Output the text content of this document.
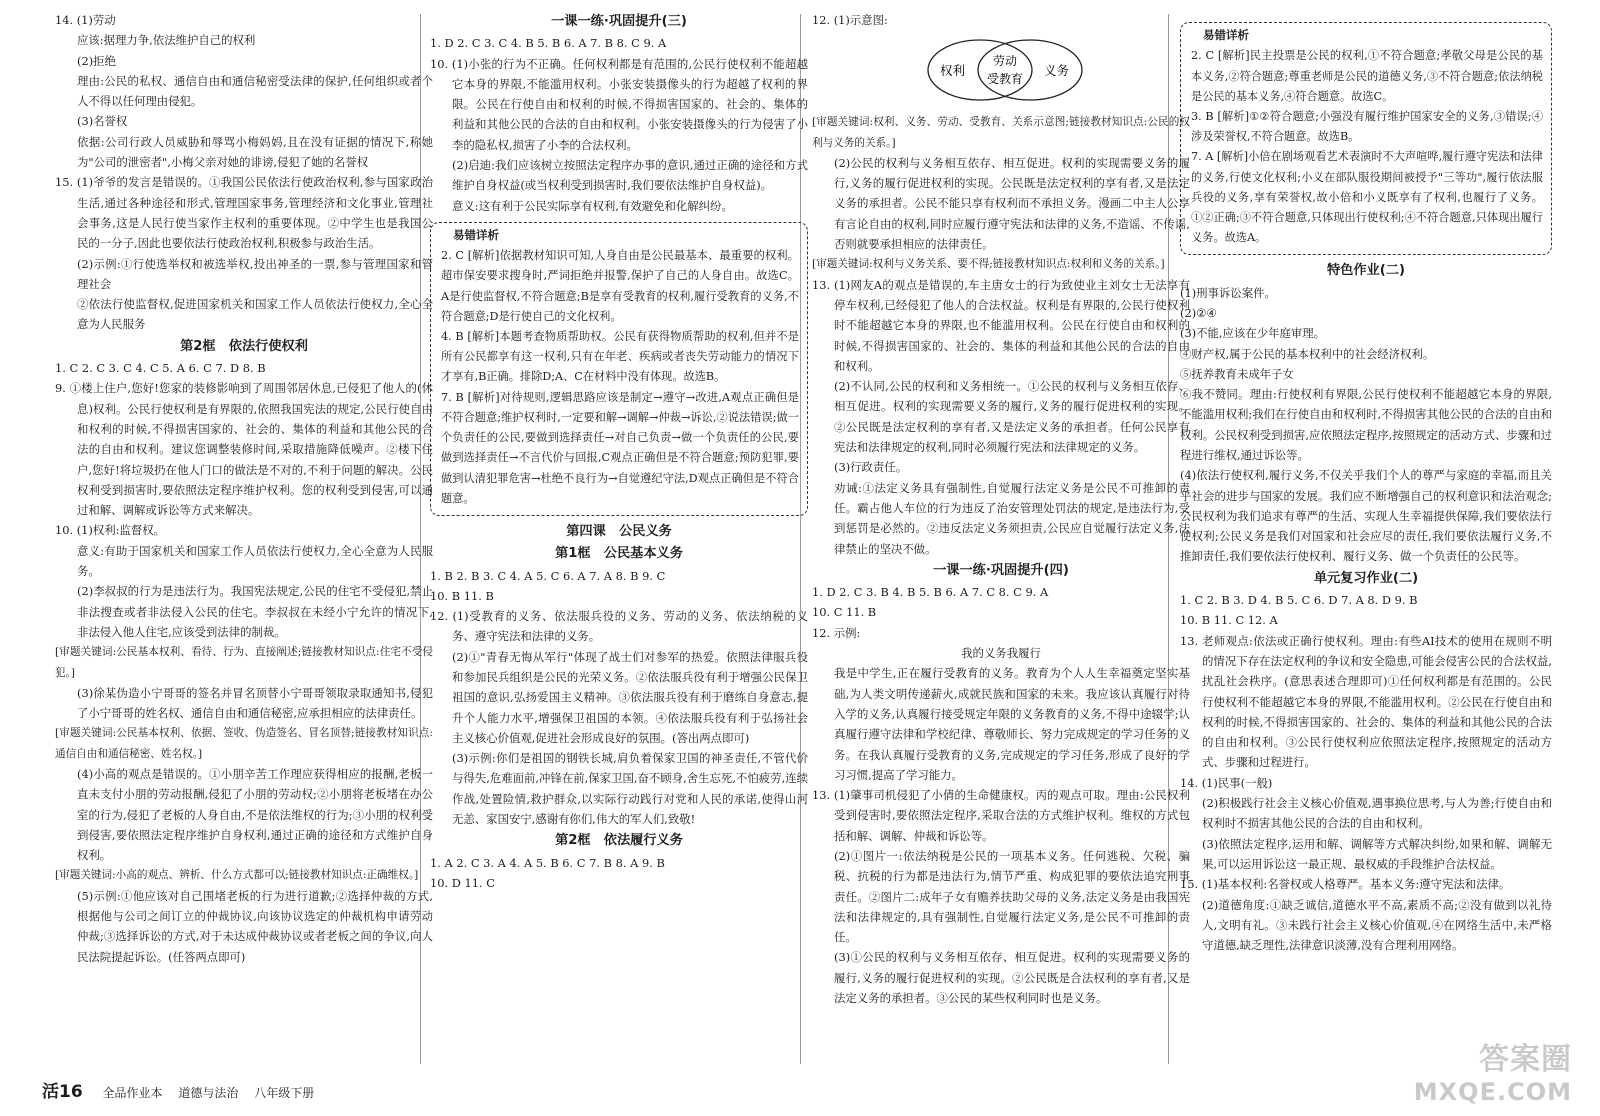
14. (1)劳动

应该:据理力争,依法维护自己的权利

(2)拒绝

理由:公民的私权、通信自由和通信秘密受法律的保护,任何组织或者个人不得以任何理由侵犯。

(3)名誉权

依据:公司行政人员威胁和辱骂小梅妈妈,且在没有证据的情况下,称她为"公司的泄密者",小梅父亲对她的诽谤,侵犯了她的名誉权

15. (1)爷爷的发言是错误的。①我国公民依法行使政治权利,参与国家政治生活,通过各种途径和形式,管理国家事务,管理经济和文化事业,管理社会事务,这是人民行使当家作主权利的重要体现。②中学生也是我国公民的一分子,因此也要依法行使政治权利,积极参与政治生活。

(2)示例:①行使选举权和被选举权,投出神圣的一票,参与管理国家和管理社会

②依法行使监督权,促进国家机关和国家工作人员依法行使权力,全心全意为人民服务

第2框　依法行使权利

1. C 2. C 3. C 4. C 5. A 6. C 7. D 8. B

9. ①楼上住户,您好!您家的装修影响到了周围邻居休息,已侵犯了他人的(休息)权利。公民行使权利是有界限的,依照我国宪法的规定,公民行使自由和权利的时候,不得损害国家的、社会的、集体的利益和其他公民的合法的自由和权利。建议您调整装修时间,采取措施降低噪声。②楼下住户,您好!将垃圾扔在他人门口的做法是不对的,不利于问题的解决。公民权利受到损害时,要依照法定程序维护权利。您的权利受到侵害,可以通过和解、调解或诉讼等方式来解决。

10. (1)权利:监督权。

意义:有助于国家机关和国家工作人员依法行使权力,全心全意为人民服务。

(2)李叔叔的行为是违法行为。我国宪法规定,公民的住宅不受侵犯,禁止非法搜查或者非法侵入公民的住宅。李叔叔在未经小宁允许的情况下,非法侵入他人住宅,应该受到法律的制裁。

[审题关键词:公民基本权利、看待、行为、直接阐述;链接教材知识点:住宅不受侵犯。]

(3)徐某伪造小宁哥哥的签名并冒名顶替小宁哥哥领取录取通知书,侵犯了小宁哥哥的姓名权、通信自由和通信秘密,应承担相应的法律责任。

[审题关键词:公民基本权利、依据、签收、伪造签名、冒名顶替;链接教材知识点:通信自由和通信秘密、姓名权。]

(4)小高的观点是错误的。①小朋辛苦工作理应获得相应的报酬,老板一直未支付小朋的劳动报酬,侵犯了小朋的劳动权;②小朋将老板堵在办公室的行为,侵犯了老板的人身自由,不是依法维权的行为;③小朋的权利受到侵害,要依照法定程序维护自身权利,通过正确的途径和方式维护自身权利。

[审题关键词:小高的观点、辨析、什么方式都可以;链接教材知识点:正确维权。]

(5)示例:①他应该对自己围堵老板的行为进行道歉;②选择仲裁的方式,根据他与公司之间订立的仲裁协议,向该协议选定的仲裁机构申请劳动仲裁;③选择诉讼的方式,对于未达成仲裁协议或者老板之间的争议,向人民法院提起诉讼。(任答两点即可)

一课一练·巩固提升(三)

1. D 2. C 3. C 4. B 5. B 6. A 7. B 8. C 9. A

10. (1)小张的行为不正确。任何权利都是有范围的,公民行使权利不能超越它本身的界限,不能滥用权利。小张安装摄像头的行为超越了权利的界限。公民在行使自由和权利的时候,不得损害国家的、社会的、集体的利益和其他公民的合法的自由和权利。小张安装摄像头的行为侵害了小李的隐私权,损害了小李的合法权利。

(2)启迪:我们应该树立按照法定程序办事的意识,通过正确的途径和方式维护自身权益(或当权利受到损害时,我们要依法维护自身权益)。

意义:这有利于公民实际享有权利,有效避免和化解纠纷。

易错详析

2. C [解析]依据教材知识可知,人身自由是公民最基本、最重要的权利。超市保安要求搜身时,严词拒绝并报警,保护了自己的人身自由。故选C。A是行使监督权,不符合题意;B是享有受教育的权利,履行受教育的义务,不符合题意;D是行使自己的文化权利。

4. B [解析]本题考查物质帮助权。公民有获得物质帮助的权利,但并不是所有公民都享有这一权利,只有在年老、疾病或者丧失劳动能力的情况下才享有,B正确。排除D;A、C在材料中没有体现。故选B。

7. B [解析]对待规则,逻辑思路应该是制定→遵守→改进,A观点正确但是不符合题意;维护权利时,一定要和解→调解→仲裁→诉讼,②说法错误;做一个负责任的公民,要做到选择责任→对自己负责→做一个负责任的公民,要做到选择责任→不言代价与回报,C观点正确但是不符合题意;预防犯罪,要做到认清犯罪危害→杜绝不良行为→自觉遵纪守法,D观点正确但是不符合题意。

第四课　公民义务
第1框　公民基本义务

1. B 2. B 3. C 4. A 5. C 6. A 7. A 8. B 9. C

10. B 11. B

12. (1)受教育的义务、依法服兵役的义务、劳动的义务、依法纳税的义务、遵守宪法和法律的义务。

(2)①"青春无悔从军行"体现了战士们对参军的热爱。依照法律服兵役和参加民兵组织是公民的光荣义务。②依法服兵役有利于增强公民保卫祖国的意识,弘扬爱国主义精神。③依法服兵役有利于磨练自身意志,提升个人能力水平,增强保卫祖国的本领。④依法服兵役有利于弘扬社会主义核心价值观,促进社会形成良好的氛围。(答出两点即可)

(3)示例:你们是祖国的钢铁长城,肩负着保家卫国的神圣责任,不管代价与得失,危难面前,冲锋在前,保家卫国,奋不顾身,舍生忘死,不怕疲劳,连续作战,处置险情,救护群众,以实际行动践行对党和人民的承诺,使得山河无恙、家国安宁,感谢有你们,伟大的军人们,致敬!

第2框　依法履行义务

1. A 2. C 3. A 4. A 5. B 6. C 7. B 8. A 9. B

10. D 11. C

12. (1)示意图:

权利
劳动
受教育
义务

[审题关键词:权利、义务、劳动、受教育、关系示意图;链接教材知识点:公民的权利与义务的关系。]

(2)公民的权利与义务相互依存、相互促进。权利的实现需要义务的履行,义务的履行促进权利的实现。公民既是法定权利的享有者,又是法定义务的承担者。公民不能只享有权利而不承担义务。漫画二中主人公享有言论自由的权利,同时应履行遵守宪法和法律的义务,不造谣、不传谣,否则就要承担相应的法律责任。

[审题关键词:权利与义务关系、要不得;链接教材知识点:权利和义务的关系。]

13. (1)网友A的观点是错误的,车主唐女士的行为致使业主刘女士无法享有停车权利,已经侵犯了他人的合法权益。权利是有界限的,公民行使权利时不能超越它本身的界限,也不能滥用权利。公民在行使自由和权利的时候,不得损害国家的、社会的、集体的利益和其他公民的合法的自由和权利。

(2)不认同,公民的权利和义务相统一。①公民的权利与义务相互依存、相互促进。权利的实现需要义务的履行,义务的履行促进权利的实现。②公民既是法定权利的享有者,又是法定义务的承担者。任何公民享有宪法和法律规定的权利,同时必须履行宪法和法律规定的义务。

(3)行政责任。

劝诫:①法定义务具有强制性,自觉履行法定义务是公民不可推卸的责任。霸占他人车位的行为违反了治安管理处罚法的规定,是违法行为,受到惩罚是必然的。②违反法定义务须担责,公民应自觉履行法定义务,法律禁止的坚决不做。

一课一练·巩固提升(四)

1. D 2. C 3. B 4. B 5. B 6. A 7. C 8. C 9. A

10. C 11. B

12. 示例:

我的义务我履行

我是中学生,正在履行受教育的义务。教育为个人人生幸福奠定坚实基础,为人类文明传递薪火,成就民族和国家的未来。我应该认真履行对待入学的义务,认真履行接受规定年限的义务教育的义务,不得中途辍学;认真履行遵守法律和学校纪律、尊敬师长、努力完成规定的学习任务的义务。在我认真履行受教育的义务,完成规定的学习任务,形成了良好的学习习惯,提高了学习能力。

13. (1)肇事司机侵犯了小倩的生命健康权。丙的观点可取。理由:公民权利受到侵害时,要依照法定程序,采取合法的方式维护权利。维权的方式包括和解、调解、仲裁和诉讼等。

(2)①图片一:依法纳税是公民的一项基本义务。任何逃税、欠税、骗税、抗税的行为都是违法行为,情节严重、构成犯罪的要依法追究刑事责任。②图片二:成年子女有赡养扶助父母的义务,法定义务是由我国宪法和法律规定的,具有强制性,自觉履行法定义务,是公民不可推卸的责任。

(3)①公民的权利与义务相互依存、相互促进。权利的实现需要义务的履行,义务的履行促进权利的实现。②公民既是合法权利的享有者,又是法定义务的承担者。③公民的某些权利同时也是义务。

易错详析

2. C [解析]民主投票是公民的权利,①不符合题意;孝敬父母是公民的基本义务,②符合题意;尊重老师是公民的道德义务,③不符合题意;依法纳税是公民的基本义务,④符合题意。故选C。

3. B [解析]①②符合题意;小强没有履行维护国家安全的义务,③错误;④涉及荣誉权,不符合题意。故选B。

7. A [解析]小倍在剧场观看艺术表演时不大声喧哗,履行遵守宪法和法律的义务,行使文化权利;小义在部队服役期间被授予"三等功",履行依法服兵役的义务,享有荣誉权,故小倍和小义既享有了权利,也履行了义务。①②正确;③不符合题意,只体现出行使权利;④不符合题意,只体现出履行义务。故选A。

特色作业(二)

(1)刑事诉讼案件。

(2)②④

(3)不能,应该在少年庭审理。

④财产权,属于公民的基本权利中的社会经济权利。

⑤抚养教育未成年子女

⑥我不赞同。理由:行使权利有界限,公民行使权利不能超越它本身的界限,不能滥用权利;我们在行使自由和权利时,不得损害其他公民的合法的自由和权利。公民权利受到损害,应依照法定程序,按照规定的活动方式、步骤和过程进行维权,通过诉讼等。

(4)依法行使权利,履行义务,不仅关乎我们个人的尊严与家庭的幸福,而且关乎社会的进步与国家的发展。我们应不断增强自己的权利意识和法治观念;公民权利为我们追求有尊严的生活、实现人生幸福提供保障,我们要依法行使权利;公民义务是我们对国家和社会应尽的责任,我们要依法履行义务,不推卸责任,我们要依法行使权利、履行义务、做一个负责任的公民等。

单元复习作业(二)

1. C 2. B 3. D 4. B 5. C 6. D 7. A 8. D 9. B

10. B 11. C 12. A

13. 老师观点:依法或正确行使权利。理由:有些AI技术的使用在规则不明的情况下存在法定权利的争议和安全隐患,可能会侵害公民的合法权益,扰乱社会秩序。(意思表述合理即可)①任何权利都是有范围的。公民行使权利不能超越它本身的界限,不能滥用权利。②公民在行使自由和权利的时候,不得损害国家的、社会的、集体的利益和其他公民的合法的自由和权利。③公民行使权利应依照法定程序,按照规定的活动方式、步骤和过程进行。

14. (1)民事(一般)

(2)积极践行社会主义核心价值观,遇事换位思考,与人为善;行使自由和权利时不损害其他公民的合法的自由和权利。

(3)依照法定程序,运用和解、调解等方式解决纠纷,如果和解、调解无果,可以运用诉讼这一最正规、最权威的手段维护合法权益。

15. (1)基本权利:名誉权或人格尊严。基本义务:遵守宪法和法律。

(2)道德角度:①缺乏诚信,道德水平不高,素质不高;②没有做到以礼待人,文明有礼。③未践行社会主义核心价值观,④在网络生活中,未严格守道德,缺乏理性,法律意识淡薄,没有合理利用网络。

活16 全品作业本 道德与法治 八年级下册
答案圈
MXQE.COM
